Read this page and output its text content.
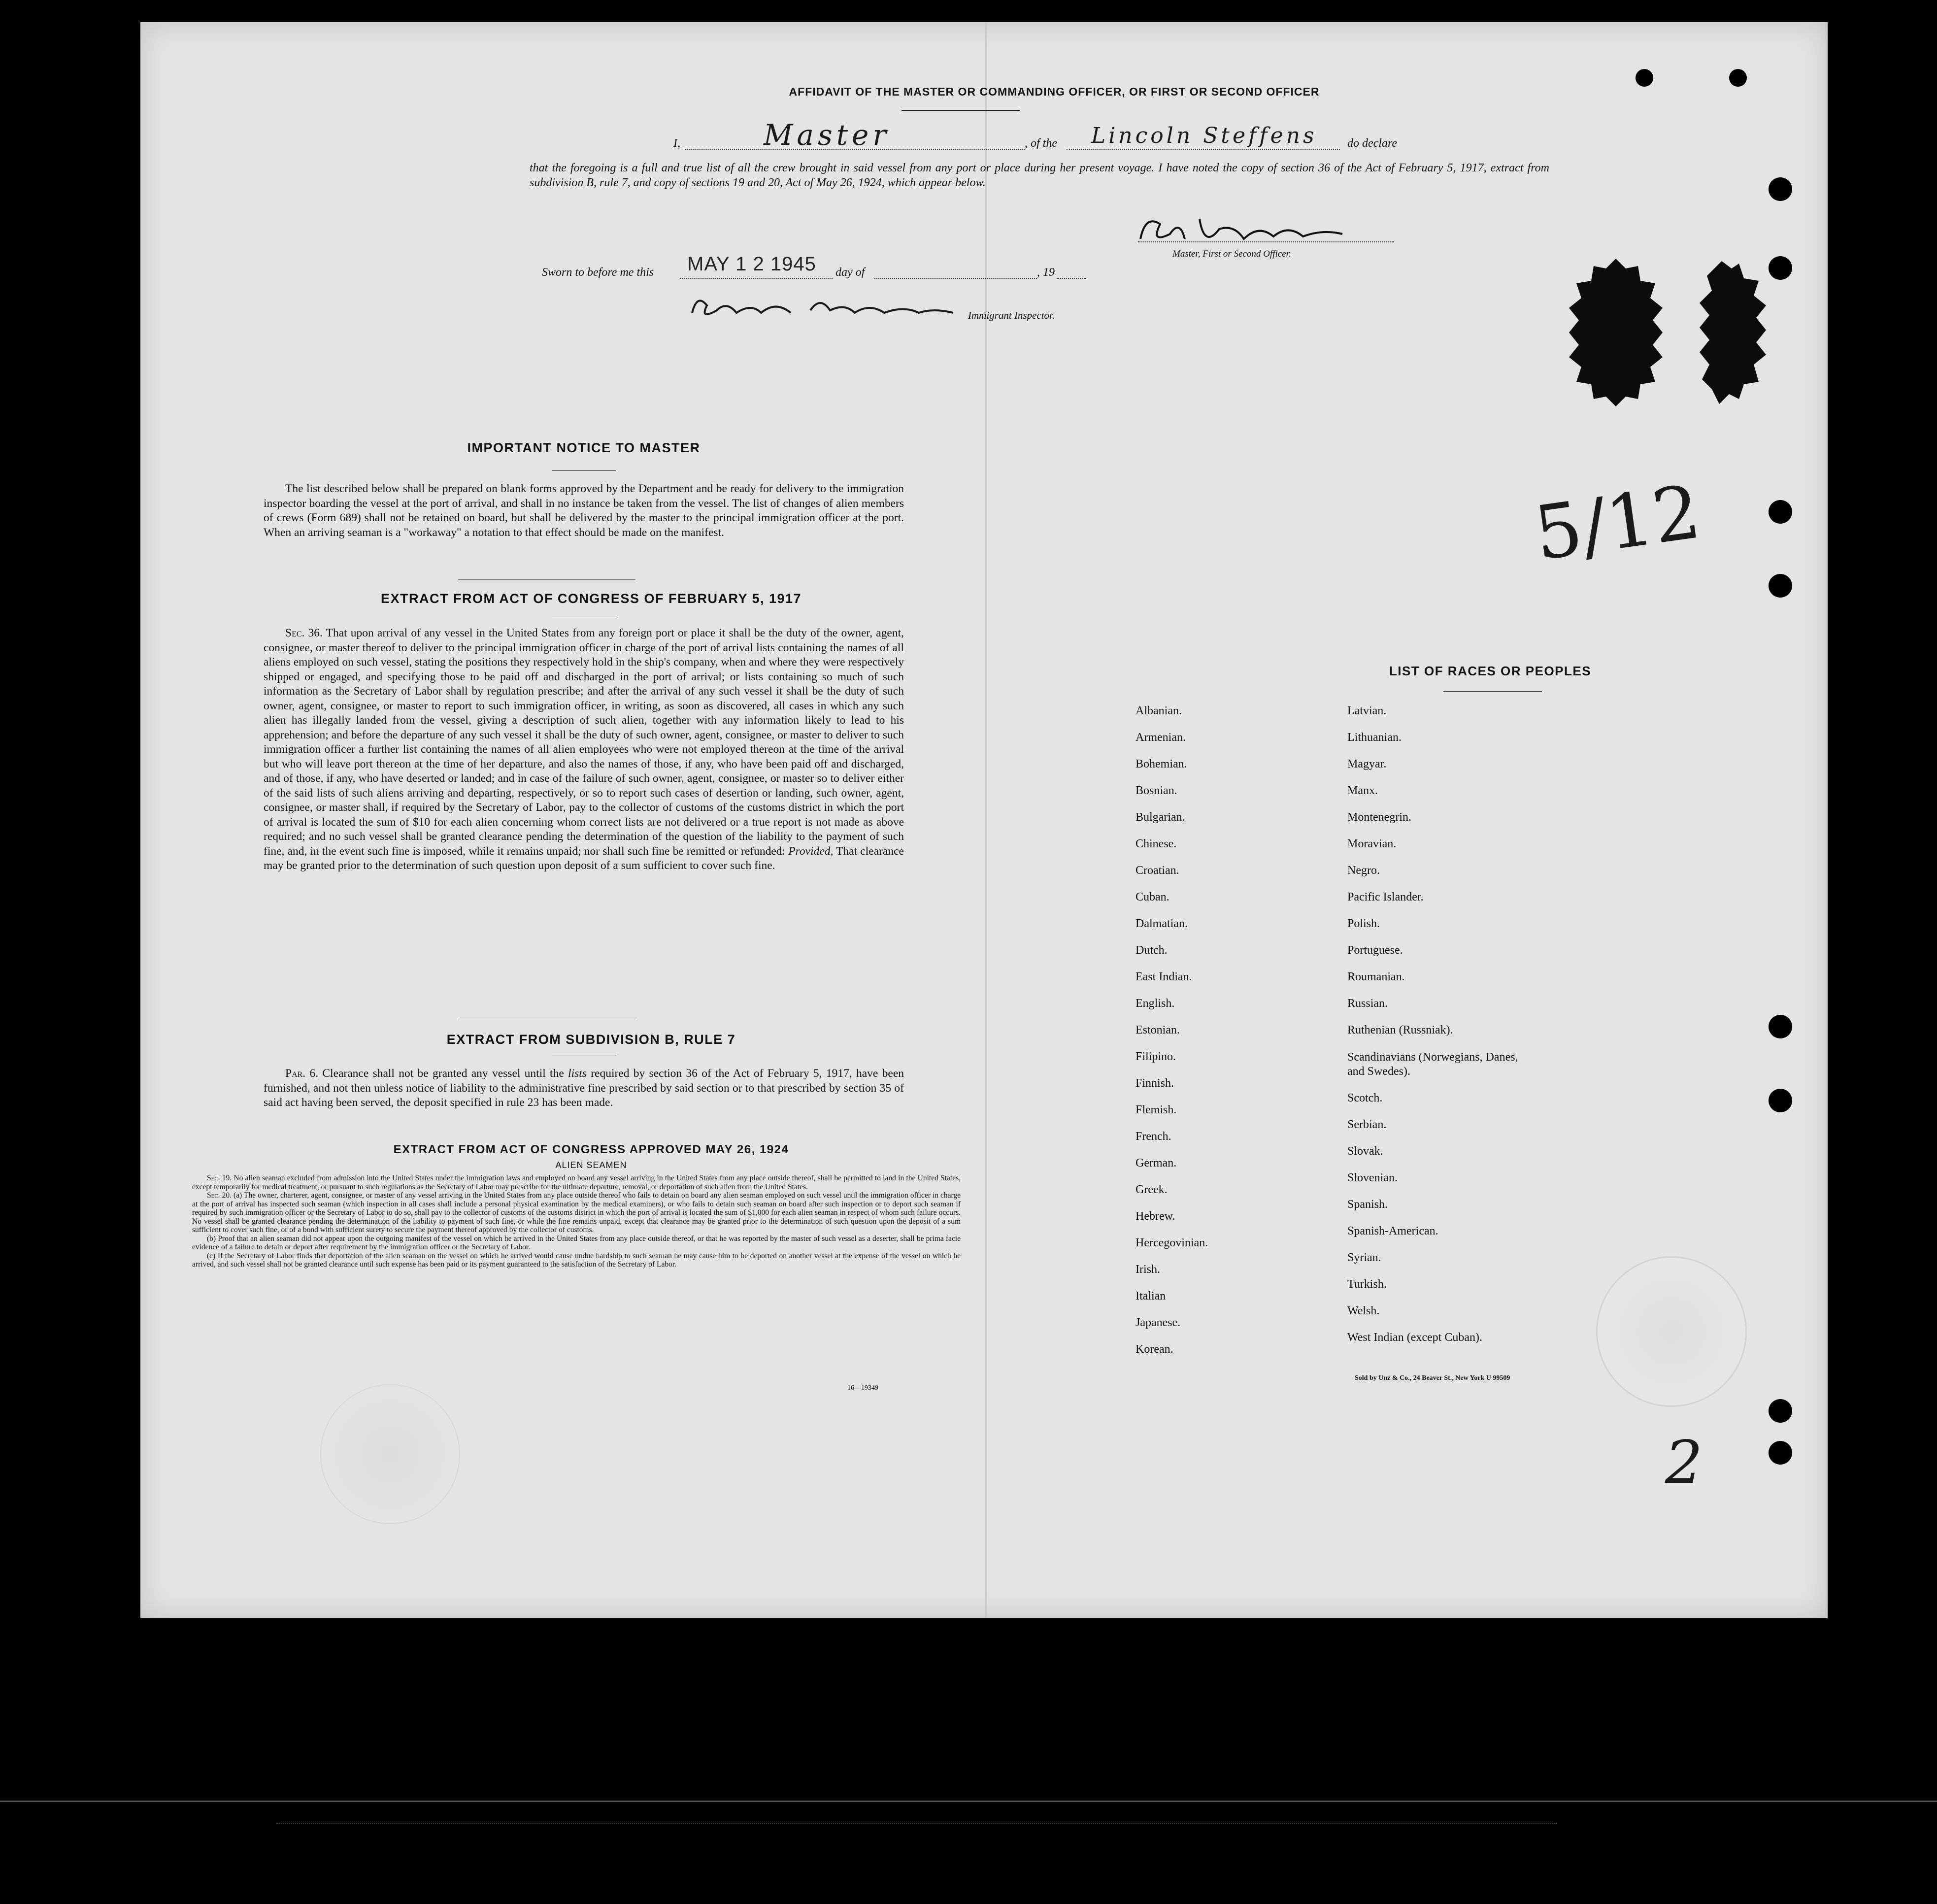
AFFIDAVIT OF THE MASTER OR COMMANDING OFFICER, OR FIRST OR SECOND OFFICER
I,	Master	, of the Lincoln Steffens	do declare
that the foregoing is a full and true list of all the crew brought in said vessel from any port or place during her present voyage. I have noted the copy of section 36 of the Act of February 5, 1917, extract from subdivision B, rule 7, and copy of sections 19 and 20, Act of May 26, 1924, which appear below.
Master, First or Second Officer.
Sworn to before me this MAY 1 2 1945 day of	, 19
Immigrant Inspector.
IMPORTANT NOTICE TO MASTER
The list described below shall be prepared on blank forms approved by the Department and be ready for delivery to the immigration inspector boarding the vessel at the port of arrival, and shall in no instance be taken from the vessel. The list of changes of alien members of crews (Form 689) shall not be retained on board, but shall be delivered by the master to the principal immigration officer at the port. When an arriving seaman is a "workaway" a notation to that effect should be made on the manifest.
EXTRACT FROM ACT OF CONGRESS OF FEBRUARY 5, 1917
Sec. 36. That upon arrival of any vessel in the United States from any foreign port or place it shall be the duty of the owner, agent, consignee, or master thereof to deliver to the principal immigration officer in charge of the port of arrival lists containing the names of all aliens employed on such vessel, stating the positions they respectively hold in the ship's company, when and where they were respectively shipped or engaged, and specifying those to be paid off and discharged in the port of arrival; or lists containing so much of such information as the Secretary of Labor shall by regulation prescribe; and after the arrival of any such vessel it shall be the duty of such owner, agent, consignee, or master to report to such immigration officer, in writing, as soon as discovered, all cases in which any such alien has illegally landed from the vessel, giving a description of such alien, together with any information likely to lead to his apprehension; and before the departure of any such vessel it shall be the duty of such owner, agent, consignee, or master to deliver to such immigration officer a further list containing the names of all alien employees who were not employed thereon at the time of the arrival but who will leave port thereon at the time of her departure, and also the names of those, if any, who have been paid off and discharged, and of those, if any, who have deserted or landed; and in case of the failure of such owner, agent, consignee, or master so to deliver either of the said lists of such aliens arriving and departing, respectively, or so to report such cases of desertion or landing, such owner, agent, consignee, or master shall, if required by the Secretary of Labor, pay to the collector of customs of the customs district in which the port of arrival is located the sum of $10 for each alien concerning whom correct lists are not delivered or a true report is not made as above required; and no such vessel shall be granted clearance pending the determination of the question of the liability to the payment of such fine, and, in the event such fine is imposed, while it remains unpaid; nor shall such fine be remitted or refunded: Provided, That clearance may be granted prior to the determination of such question upon deposit of a sum sufficient to cover such fine.
EXTRACT FROM SUBDIVISION B, RULE 7
Par. 6. Clearance shall not be granted any vessel until the lists required by section 36 of the Act of February 5, 1917, have been furnished, and not then unless notice of liability to the administrative fine prescribed by said section or to that prescribed by section 35 of said act having been served, the deposit specified in rule 23 has been made.
EXTRACT FROM ACT OF CONGRESS APPROVED MAY 26, 1924
ALIEN SEAMEN
Sec. 19. No alien seaman excluded from admission into the United States under the immigration laws and employed on board any vessel arriving in the United States from any place outside thereof, shall be permitted to land in the United States, except temporarily for medical treatment, or pursuant to such regulations as the Secretary of Labor may prescribe for the ultimate departure, removal, or deportation of such alien from the United States.
Sec. 20. (a) The owner, charterer, agent, consignee, or master of any vessel arriving in the United States from any place outside thereof who fails to detain on board any alien seaman employed on such vessel until the immigration officer in charge at the port of arrival has inspected such seaman (which inspection in all cases shall include a personal physical examination by the medical examiners), or who fails to detain such seaman on board after such inspection or to deport such seaman if required by such immigration officer or the Secretary of Labor to do so, shall pay to the collector of customs of the customs district in which the port of arrival is located the sum of $1,000 for each alien seaman in respect of whom such failure occurs. No vessel shall be granted clearance pending the determination of the liability to payment of such fine, or while the fine remains unpaid, except that clearance may be granted prior to the determination of such question upon the deposit of a sum sufficient to cover such fine, or of a bond with sufficient surety to secure the payment thereof approved by the collector of customs.
(b) Proof that an alien seaman did not appear upon the outgoing manifest of the vessel on which he arrived in the United States from any place outside thereof, or that he was reported by the master of such vessel as a deserter, shall be prima facie evidence of a failure to detain or deport after requirement by the immigration officer or the Secretary of Labor.
(c) If the Secretary of Labor finds that deportation of the alien seaman on the vessel on which he arrived would cause undue hardship to such seaman he may cause him to be deported on another vessel at the expense of the vessel on which he arrived, and such vessel shall not be granted clearance until such expense has been paid or its payment guaranteed to the satisfaction of the Secretary of Labor.
16—19349
LIST OF RACES OR PEOPLES
Sold by Unz & Co., 24 Beaver St., New York U 99509
5/12
2
Albanian.
Armenian.
Bohemian.
Bosnian.
Bulgarian.
Chinese.
Croatian.
Cuban.
Dalmatian.
Dutch.
East Indian.
English.
Estonian.
Filipino.
Finnish.
Flemish.
French.
German.
Greek.
Hebrew.
Hercegovinian.
Irish.
Italian
Japanese.
Korean.
Latvian.
Lithuanian.
Magyar.
Manx.
Montenegrin.
Moravian.
Negro.
Pacific Islander.
Polish.
Portuguese.
Roumanian.
Russian.
Ruthenian (Russniak).
Scandinavians (Norwegians, Danes, and Swedes).
Scotch.
Serbian.
Slovak.
Slovenian.
Spanish.
Spanish-American.
Syrian.
Turkish.
Welsh.
West Indian (except Cuban).
